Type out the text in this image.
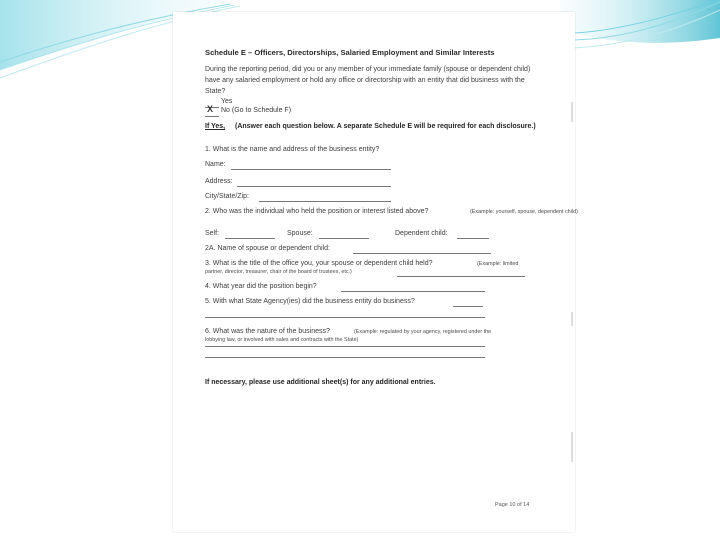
Schedule E – Officers, Directorships, Salaried Employment and Similar Interests
During the reporting period, did you or any member of your immediate family (spouse or dependent child) have any salaried employment or hold any office or directorship with an entity that did business with the State?
Yes
X No (Go to Schedule F)
If Yes,	(Answer each question below. A separate Schedule E will be required for each disclosure.)
1. What is the name and address of the business entity?
Name:
Address:
City/State/Zip:
2. Who was the individual who held the position or interest listed above?	(Example: yourself, spouse, dependent child)
Self:	Spouse:	Dependent child:
2A. Name of spouse or dependent child:
3. What is the title of the office you, your spouse or dependent child held?	(Example: limited
partner, director, treasurer, chair of the board of trustees, etc.)
4. What year did the position begin?
5. With what State Agency(ies) did the business entity do business?
6. What was the nature of the business?	(Example: regulated by your agency, registered under the
lobbying law, or involved with sales and contracts with the State)
If necessary, please use additional sheet(s) for any additional entries.
Page 10 of 14
